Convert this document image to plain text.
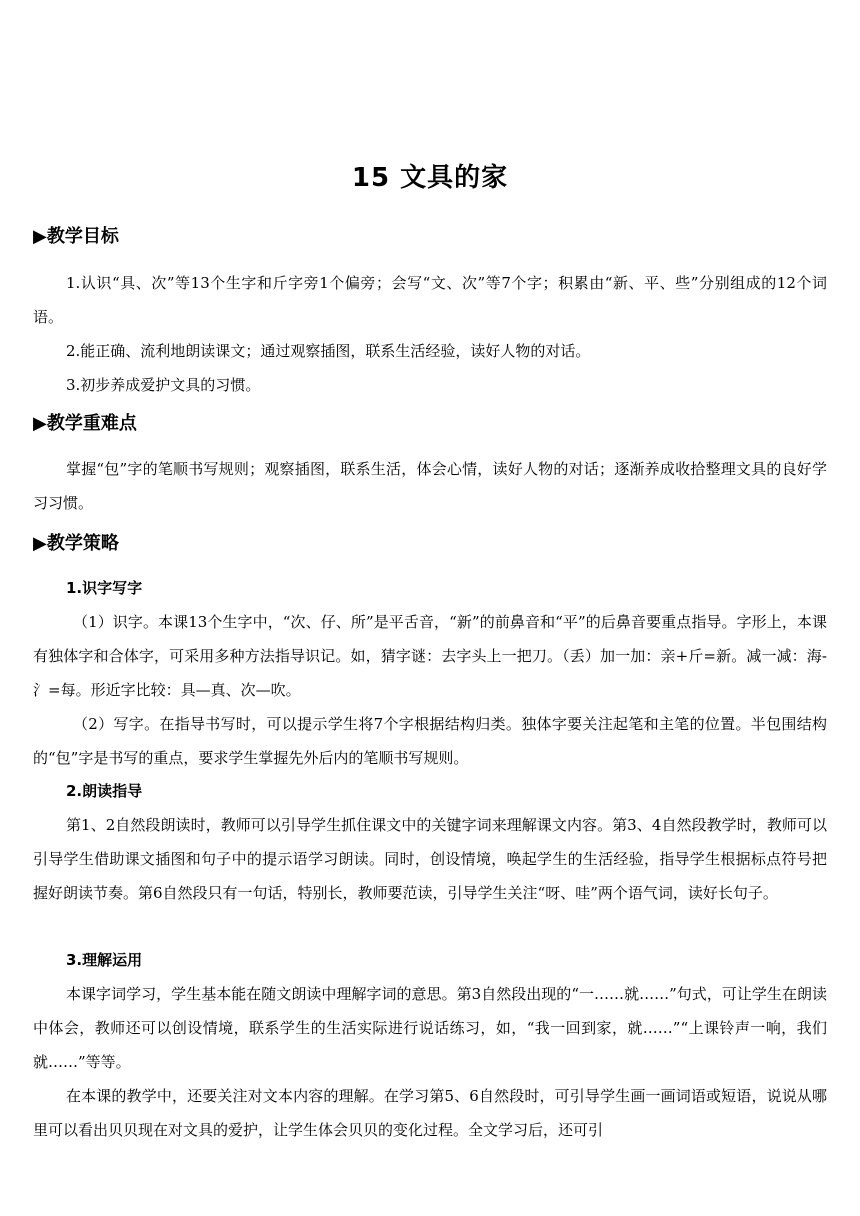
15 文具的家
▶教学目标

1.认识“具、次”等13个生字和斤字旁1个偏旁；会写“文、次”等7个字；积累由“新、平、些”分别组成的12个词语。

2.能正确、流利地朗读课文；通过观察插图，联系生活经验，读好人物的对话。

3.初步养成爱护文具的习惯。

▶教学重难点

掌握“包”字的笔顺书写规则；观察插图，联系生活，体会心情，读好人物的对话；逐渐养成收拾整理文具的良好学习习惯。

▶教学策略
1.识字写字

（1）识字。本课13个生字中，“次、仔、所”是平舌音，“新”的前鼻音和“平”的后鼻音要重点指导。字形上，本课有独体字和合体字，可采用多种方法指导识记。如，猜字谜：去字头上一把刀。（丢）加一加：亲+斤=新。减一减：海-氵=每。形近字比较：具—真、次—吹。

（2）写字。在指导书写时，可以提示学生将7个字根据结构归类。独体字要关注起笔和主笔的位置。半包围结构的“包”字是书写的重点，要求学生掌握先外后内的笔顺书写规则。

2.朗读指导

第1、2自然段朗读时，教师可以引导学生抓住课文中的关键字词来理解课文内容。第3、4自然段教学时，教师可以引导学生借助课文插图和句子中的提示语学习朗读。同时，创设情境，唤起学生的生活经验，指导学生根据标点符号把握好朗读节奏。第6自然段只有一句话，特别长，教师要范读，引导学生关注“呀、哇”两个语气词，读好长句子。

3.理解运用

本课字词学习，学生基本能在随文朗读中理解字词的意思。第3自然段出现的“一……就……”句式，可让学生在朗读中体会，教师还可以创设情境，联系学生的生活实际进行说话练习，如，“我一回到家，就……”“上课铃声一响，我们就……”等等。

在本课的教学中，还要关注对文本内容的理解。在学习第5、6自然段时，可引导学生画一画词语或短语，说说从哪里可以看出贝贝现在对文具的爱护，让学生体会贝贝的变化过程。全文学习后，还可引
